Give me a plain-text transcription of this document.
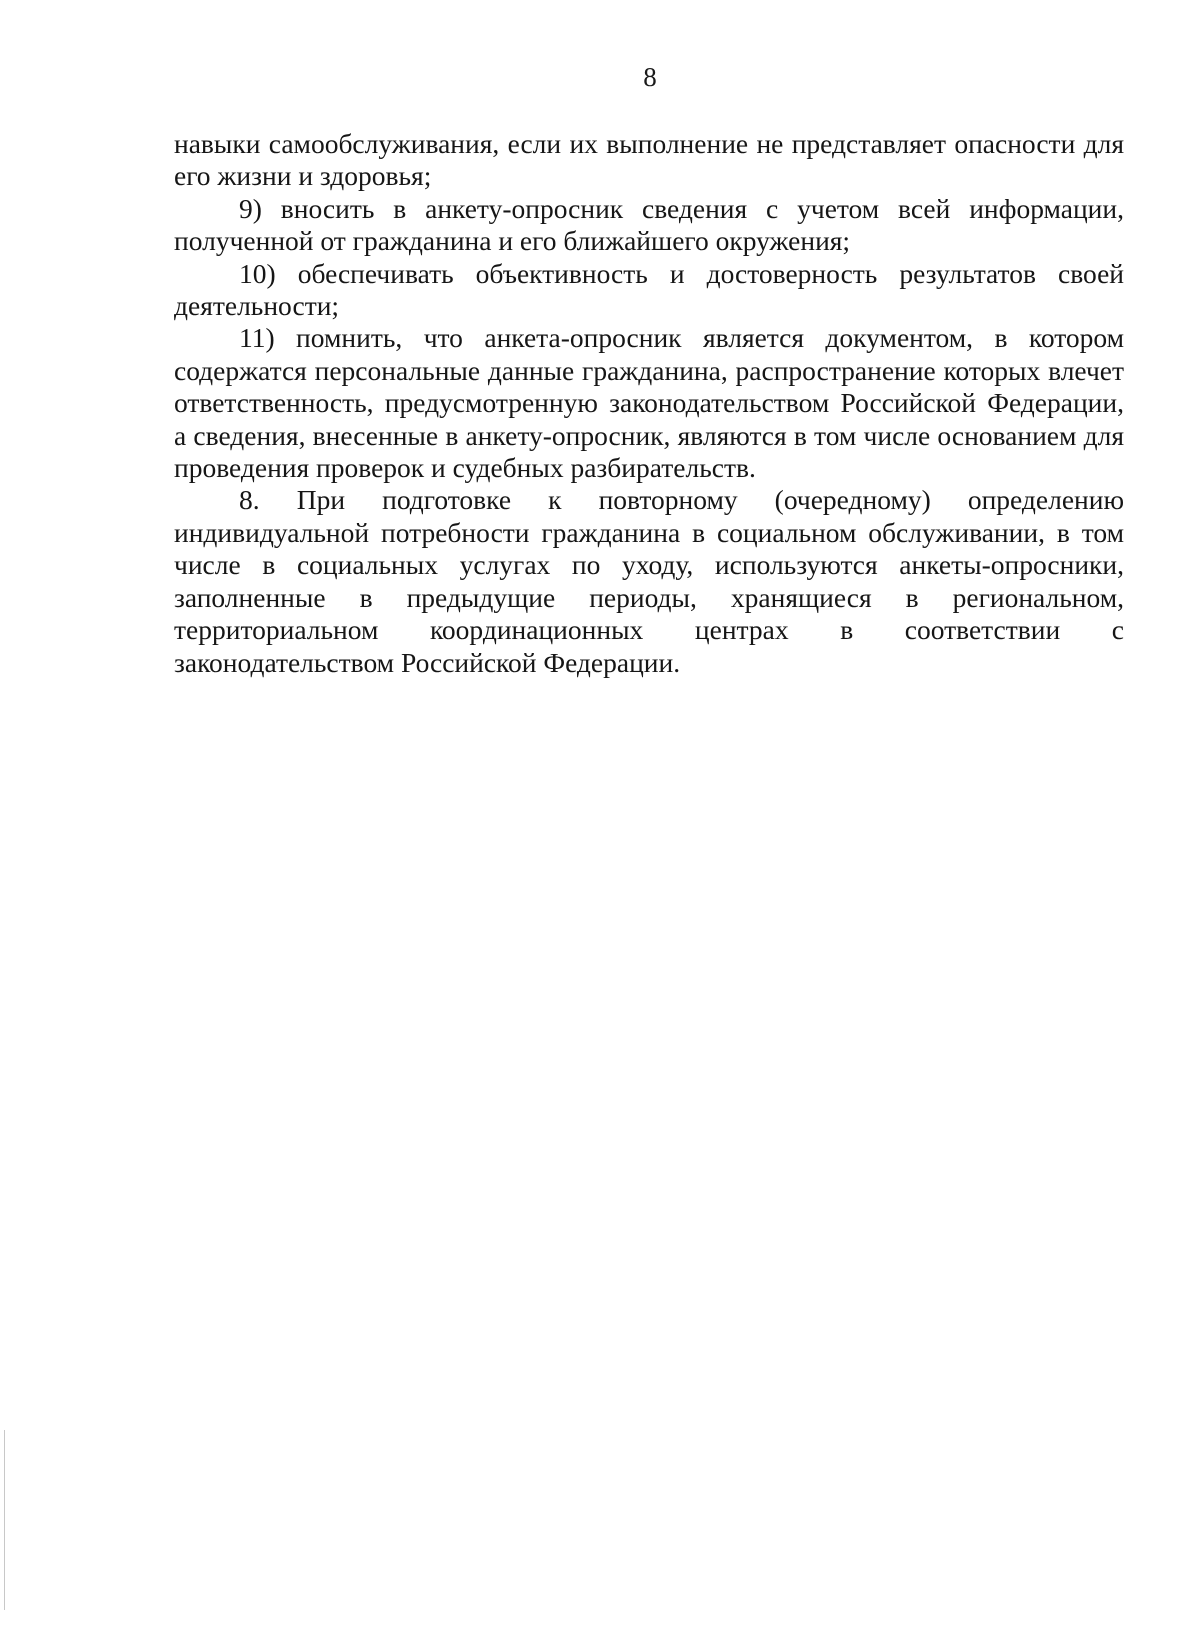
8

навыки самообслуживания, если их выполнение не представляет опасности для его жизни и здоровья;

9) вносить в анкету-опросник сведения с учетом всей информации, полученной от гражданина и его ближайшего окружения;

10) обеспечивать объективность и достоверность результатов своей деятельности;

11) помнить, что анкета-опросник является документом, в котором содержатся персональные данные гражданина, распространение которых влечет ответственность, предусмотренную законодательством Российской Федерации, а сведения, внесенные в анкету-опросник, являются в том числе основанием для проведения проверок и судебных разбирательств.

8. При подготовке к повторному (очередному) определению индивидуальной потребности гражданина в социальном обслуживании, в том числе в социальных услугах по уходу, используются анкеты-опросники, заполненные в предыдущие периоды, хранящиеся в региональном, территориальном координационных центрах в соответствии с законодательством Российской Федерации.
